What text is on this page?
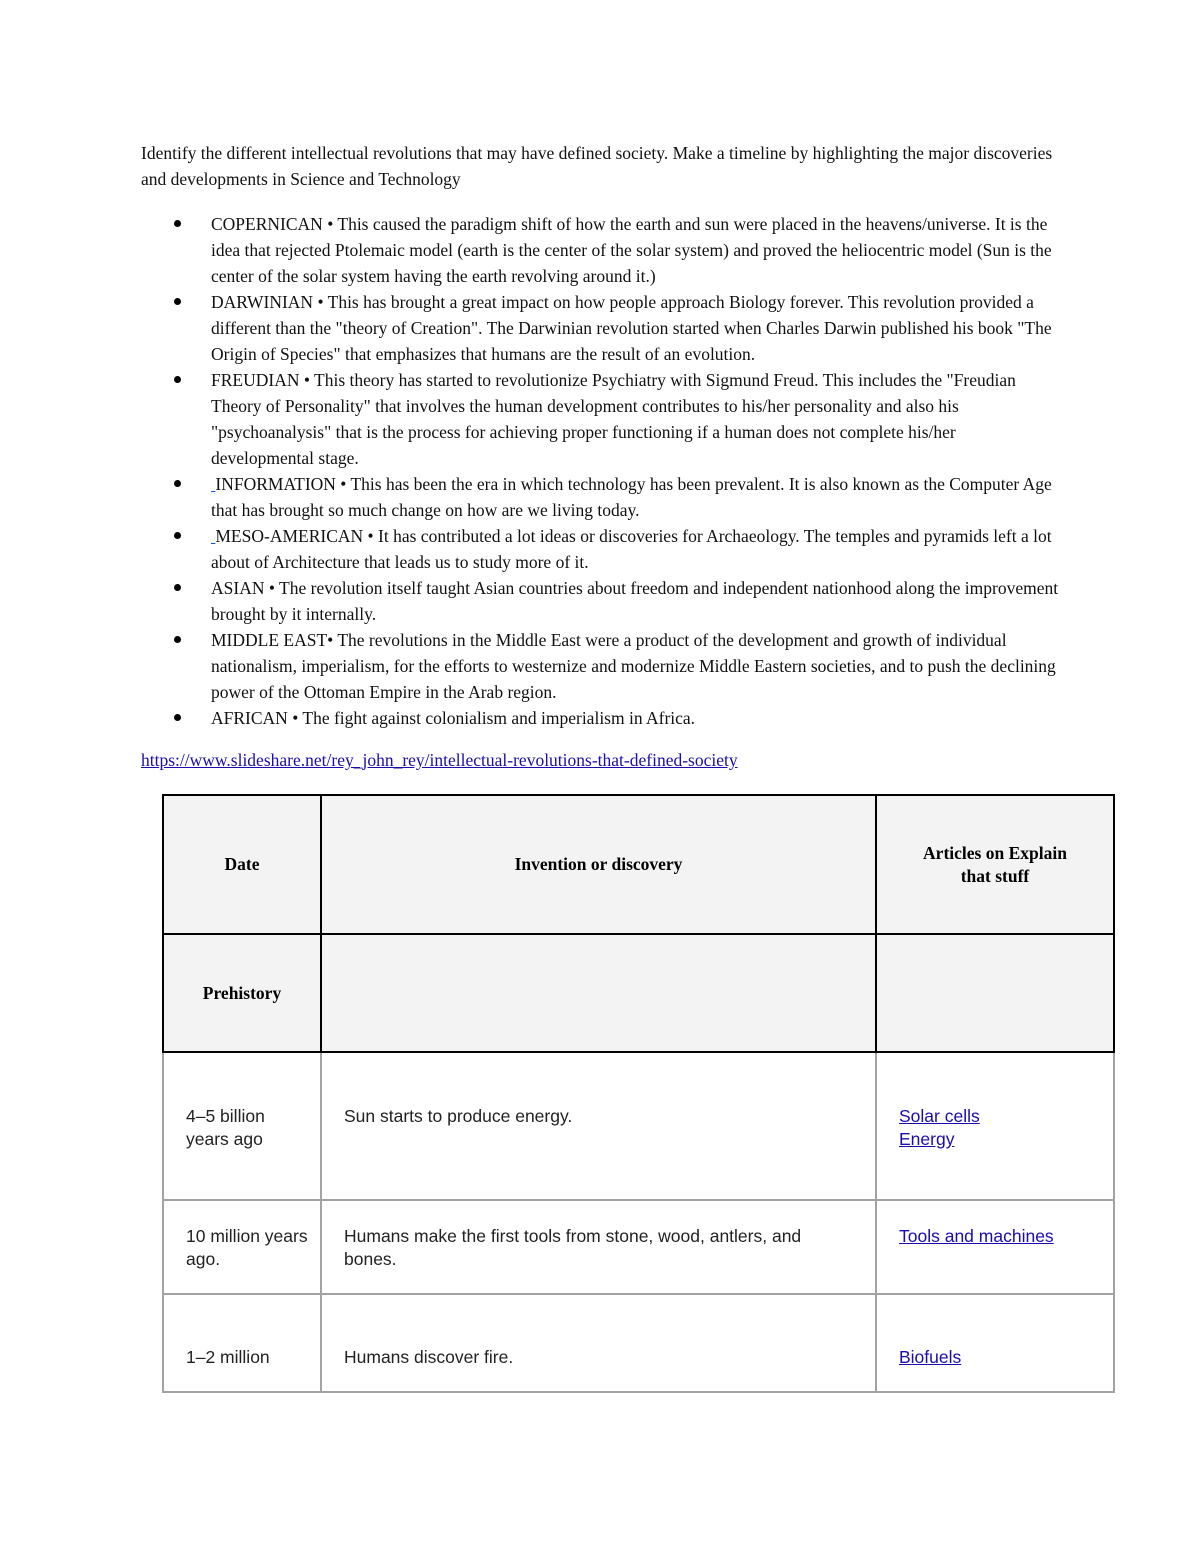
Identify the different intellectual revolutions that may have defined society. Make a timeline by highlighting the major discoveries and developments in Science and Technology

COPERNICAN • This caused the paradigm shift of how the earth and sun were placed in the heavens/universe. It is the idea that rejected Ptolemaic model (earth is the center of the solar system) and proved the heliocentric model (Sun is the center of the solar system having the earth revolving around it.)
DARWINIAN • This has brought a great impact on how people approach Biology forever. This revolution provided a different than the "theory of Creation". The Darwinian revolution started when Charles Darwin published his book "The Origin of Species" that emphasizes that humans are the result of an evolution.
FREUDIAN • This theory has started to revolutionize Psychiatry with Sigmund Freud. This includes the "Freudian Theory of Personality" that involves the human development contributes to his/her personality and also his "psychoanalysis" that is the process for achieving proper functioning if a human does not complete his/her developmental stage.
INFORMATION • This has been the era in which technology has been prevalent. It is also known as the Computer Age that has brought so much change on how are we living today.
MESO-AMERICAN • It has contributed a lot ideas or discoveries for Archaeology. The temples and pyramids left a lot about of Architecture that leads us to study more of it.
ASIAN • The revolution itself taught Asian countries about freedom and independent nationhood along the improvement brought by it internally.
MIDDLE EAST• The revolutions in the Middle East were a product of the development and growth of individual nationalism, imperialism, for the efforts to westernize and modernize Middle Eastern societies, and to push the declining power of the Ottoman Empire in the Arab region.
AFRICAN • The fight against colonialism and imperialism in Africa.
https://www.slideshare.net/rey_john_rey/intellectual-revolutions-that-defined-society
Date	Invention or discovery	Articles on Explain that stuff

Prehistory		

4–5 billion years ago	Sun starts to produce energy.	Solar cells
Energy

10 million years ago.	Humans make the first tools from stone, wood, antlers, and bones.	Tools and machines

1–2 million	Humans discover fire.	Biofuels
